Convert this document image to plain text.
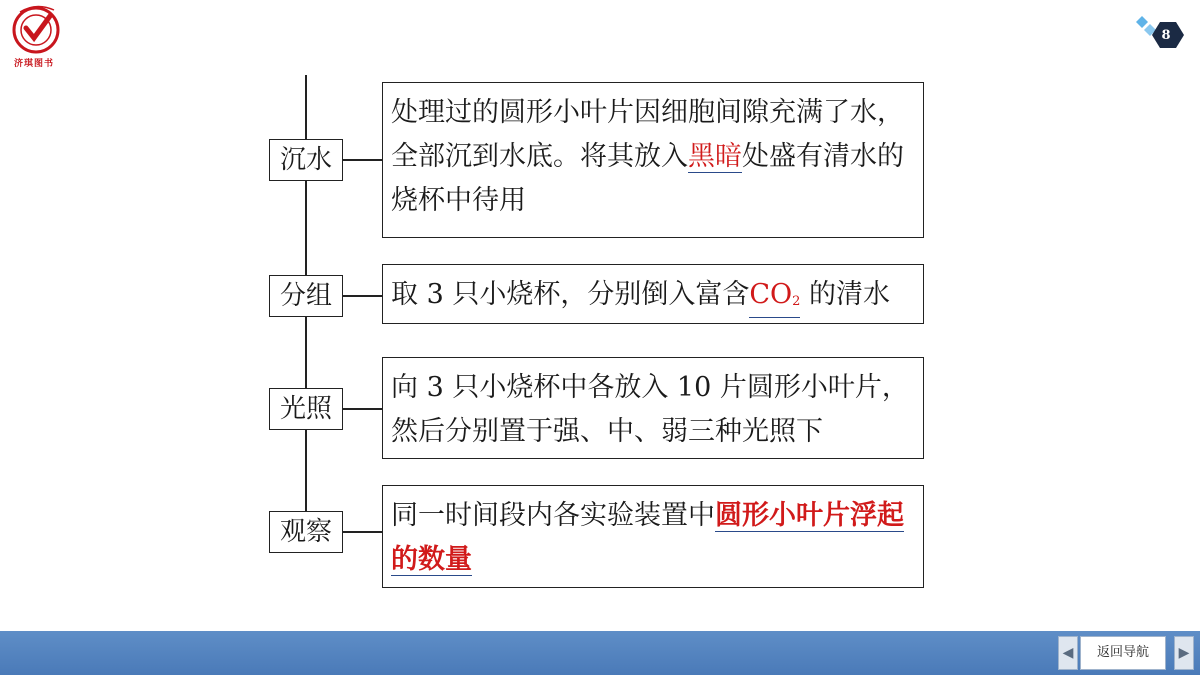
济琪图书
8
沉水
处理过的圆形小叶片因细胞间隙充满了水，全部沉到水底。将其放入黑暗处盛有清水的烧杯中待用
分组	取 3 只小烧杯，分别倒入富含CO2 的清水
光照
向 3 只小烧杯中各放入 10 片圆形小叶片，然后分别置于强、中、弱三种光照下
观察
同一时间段内各实验装置中圆形小叶片浮起的数量
◀	返回导航	▶
